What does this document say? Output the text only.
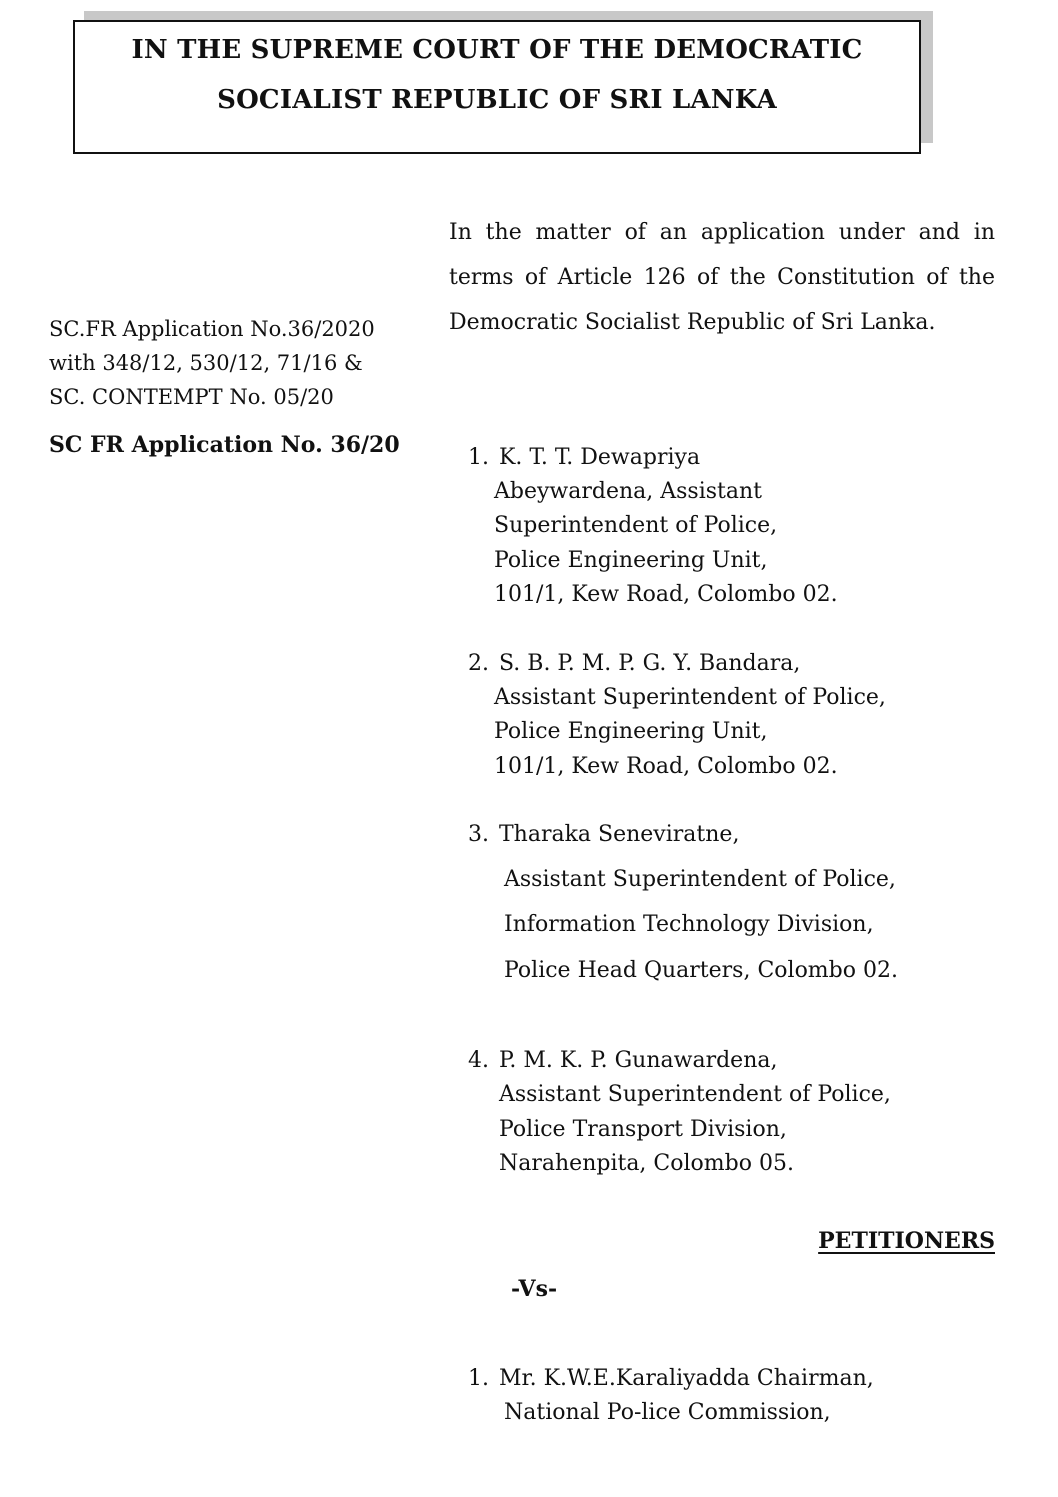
IN THE SUPREME COURT OF THE DEMOCRATIC
SOCIALIST REPUBLIC OF SRI LANKA
In the matter of an application under and in
terms of Article 126 of the Constitution of the
Democratic Socialist Republic of Sri Lanka.
SC.FR Application No.36/2020
with 348/12, 530/12, 71/16 &
SC. CONTEMPT No. 05/20
SC FR Application No. 36/20	1. K. T. T. Dewapriya
Abeywardena, Assistant
Superintendent of Police,
Police Engineering Unit,
101/1, Kew Road, Colombo 02.
2. S. B. P. M. P. G. Y. Bandara,
Assistant Superintendent of Police,
Police Engineering Unit,
101/1, Kew Road, Colombo 02.
3. Tharaka Seneviratne,
Assistant Superintendent of Police,
Information Technology Division,
Police Head Quarters, Colombo 02.
4. P. M. K. P. Gunawardena,
Assistant Superintendent of Police,
Police Transport Division,
Narahenpita, Colombo 05.
PETITIONERS
-Vs-
1. Mr. K.W.E.Karaliyadda Chairman,
National Po-lice Commission,
